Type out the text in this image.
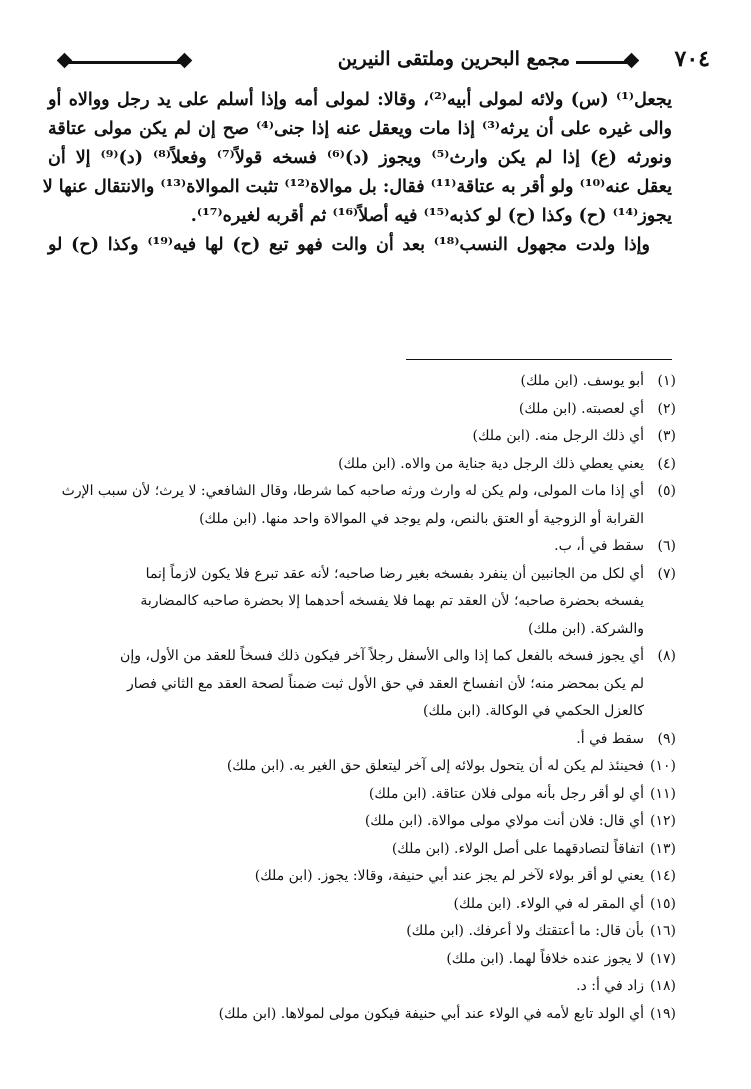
٧٠٤
مجمع البحرين وملتقى النيرين
يجعل⁽¹⁾ (س) ولائه لمولى أبيه⁽²⁾، وقالا: لمولى أمه وإذا أسلم على يد رجل ووالاه أو
والى غيره على أن يرثه⁽³⁾ إذا مات ويعقل عنه إذا جنى⁽⁴⁾ صح إن لم يكن مولى عتاقة
ونورثه (ع) إذا لم يكن وارث⁽⁵⁾ ويجوز (د)⁽⁶⁾ فسخه قولاً⁽⁷⁾ وفعلاً⁽⁸⁾ (د)⁽⁹⁾ إلا أن
يعقل عنه⁽¹⁰⁾ ولو أقر به عتاقة⁽¹¹⁾ فقال: بل موالاة⁽¹²⁾ تثبت الموالاة⁽¹³⁾ والانتقال عنها لا
يجوز⁽¹⁴⁾ (ح) وكذا (ح) لو كذبه⁽¹⁵⁾ فيه أصلاً⁽¹⁶⁾ ثم أقربه لغيره⁽¹⁷⁾.
وإذا ولدت مجهول النسب⁽¹⁸⁾ بعد أن والت فهو تبع (ح) لها فيه⁽¹⁹⁾ وكذا (ح) لو
(١)أبو يوسف. (ابن ملك)
(٢)أي لعصبته. (ابن ملك)
(٣)أي ذلك الرجل منه. (ابن ملك)
(٤)يعني يعطي ذلك الرجل دية جناية من والاه. (ابن ملك)
(٥)أي إذا مات المولى، ولم يكن له وارث ورثه صاحبه كما شرطا، وقال الشافعي: لا يرث؛ لأن سبب الإرث
القرابة أو الزوجية أو العتق بالنص، ولم يوجد في الموالاة واحد منها. (ابن ملك)
(٦)سقط في أ، ب.
(٧)أي لكل من الجانبين أن ينفرد بفسخه بغير رضا صاحبه؛ لأنه عقد تبرع فلا يكون لازماً إنما
يفسخه بحضرة صاحبه؛ لأن العقد تم بهما فلا يفسخه أحدهما إلا بحضرة صاحبه كالمضاربة
والشركة. (ابن ملك)
(٨)أي يجوز فسخه بالفعل كما إذا والى الأسفل رجلاً آخر فيكون ذلك فسخاً للعقد من الأول، وإن
لم يكن بمحضر منه؛ لأن انفساخ العقد في حق الأول ثبت ضمناً لصحة العقد مع الثاني فصار
كالعزل الحكمي في الوكالة. (ابن ملك)
(٩)سقط في أ.
(١٠)فحينئذ لم يكن له أن يتحول بولائه إلى آخر ليتعلق حق الغير به. (ابن ملك)
(١١)أي لو أقر رجل بأنه مولى فلان عتاقة. (ابن ملك)
(١٢)أي قال: فلان أنت مولاي مولى موالاة. (ابن ملك)
(١٣)اتفاقاً لتصادقهما على أصل الولاء. (ابن ملك)
(١٤)يعني لو أقر بولاء لآخر لم يجز عند أبي حنيفة، وقالا: يجوز. (ابن ملك)
(١٥)أي المقر له في الولاء. (ابن ملك)
(١٦)بأن قال: ما أعتقتك ولا أعرفك. (ابن ملك)
(١٧)لا يجوز عنده خلافاً لهما. (ابن ملك)
(١٨)زاد في أ: د.
(١٩)أي الولد تابع لأمه في الولاء عند أبي حنيفة فيكون مولى لمولاها. (ابن ملك)
